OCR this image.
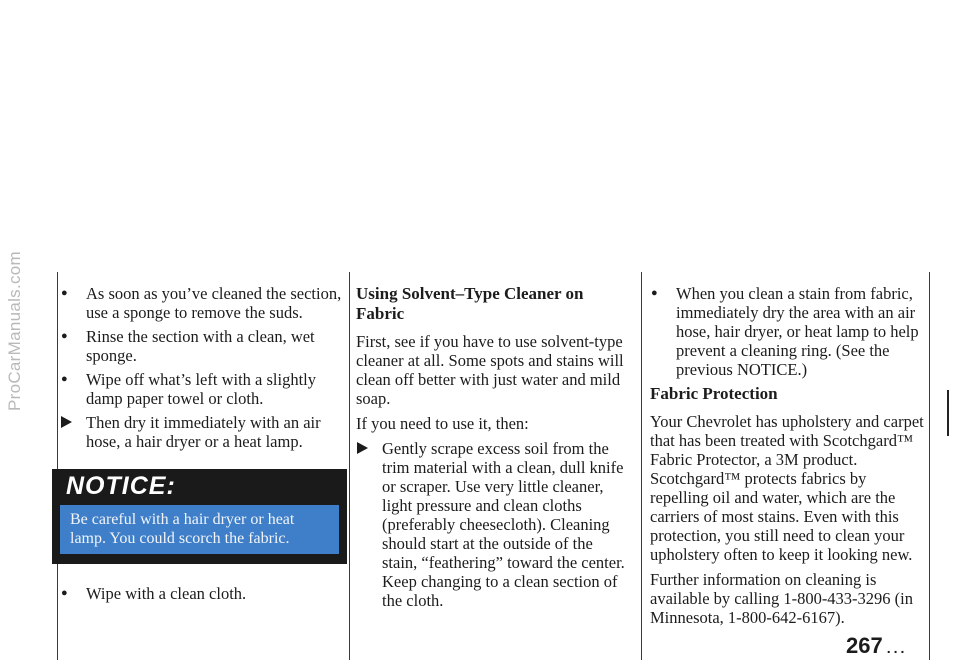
ProCarManuals.com	● As soon as you’ve cleaned the section, use a sponge to remove the suds.
● Rinse the section with a clean, wet sponge.
● Wipe off what’s left with a slightly damp paper towel or cloth.
Then dry it immediately with an air hose, a hair dryer or a heat lamp.
NOTICE:
Be careful with a hair dryer or heat lamp. You could scorch the fabric.
● Wipe with a clean cloth.
Using Solvent–Type Cleaner on Fabric

First, see if you have to use solvent-type cleaner at all. Some spots and stains will clean off better with just water and mild soap.

If you need to use it, then:

Gently scrape excess soil from the trim material with a clean, dull knife or scraper. Use very little cleaner, light pressure and clean cloths (preferably cheesecloth). Cleaning should start at the outside of the stain, “feathering” toward the center. Keep changing to a clean section of the cloth.
● When you clean a stain from fabric, immediately dry the area with an air hose, hair dryer, or heat lamp to help prevent a cleaning ring. (See the previous NOTICE.)
Fabric Protection

Your Chevrolet has upholstery and carpet that has been treated with Scotchgard™ Fabric Protector, a 3M product. Scotchgard™ protects fabrics by repelling oil and water, which are the carriers of most stains. Even with this protection, you still need to clean your upholstery often to keep it looking new.

Further information on cleaning is available by calling 1-800-433-3296 (in Minnesota, 1-800-642-6167).

267 ...
